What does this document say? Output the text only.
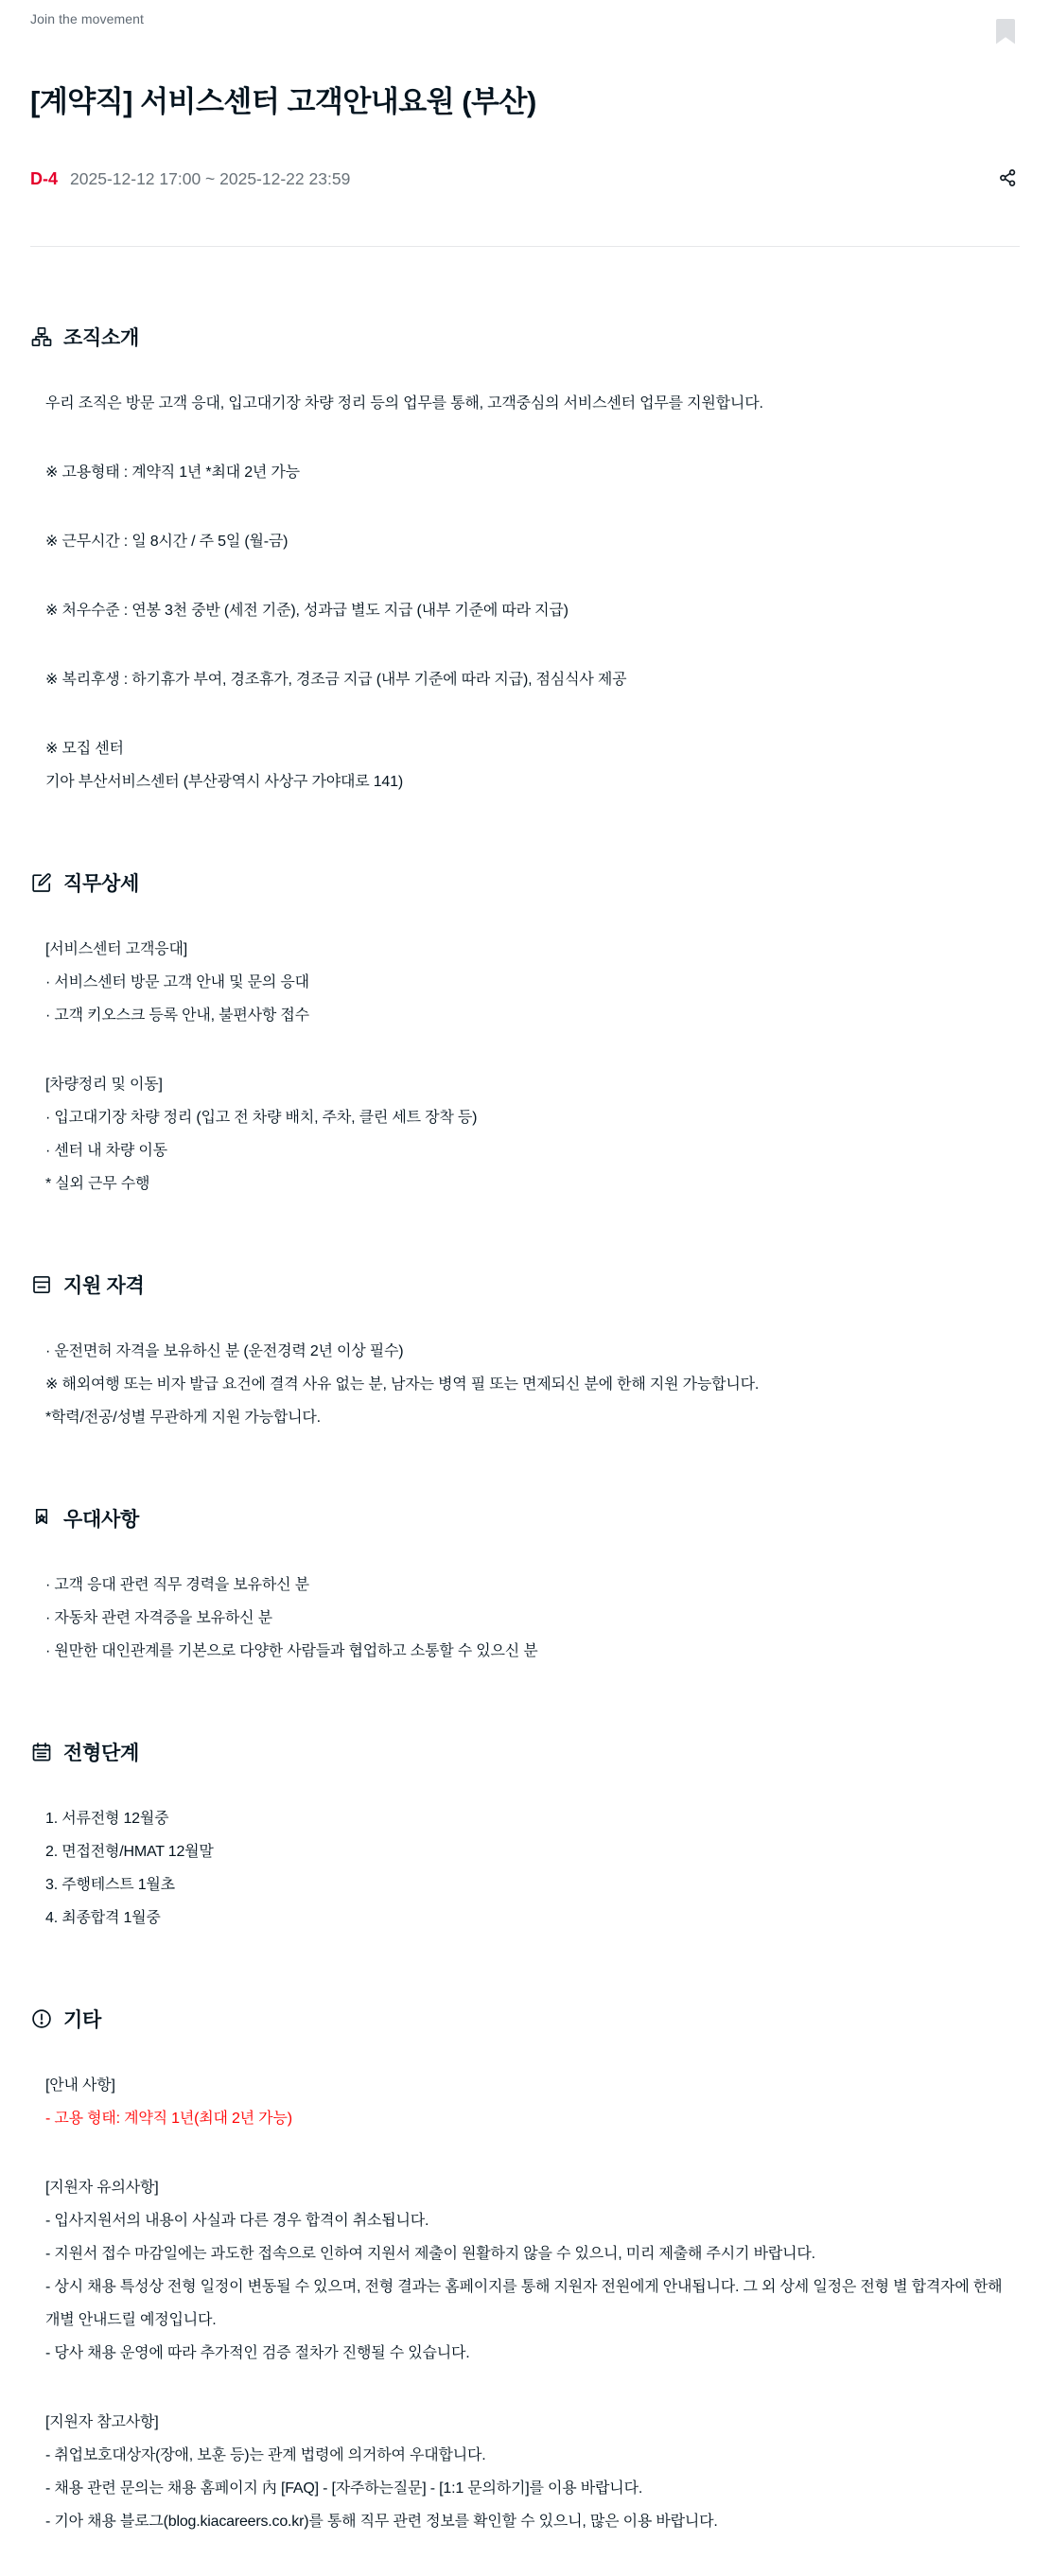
Join the movement
[계약직] 서비스센터 고객안내요원 (부산)
D-4 2025-12-12 17:00 ~ 2025-12-22 23:59
조직소개
우리 조직은 방문 고객 응대, 입고대기장 차량 정리 등의 업무를 통해, 고객중심의 서비스센터 업무를 지원합니다.
※ 고용형태 : 계약직 1년 *최대 2년 가능
※ 근무시간 : 일 8시간 / 주 5일 (월-금)
※ 처우수준 : 연봉 3천 중반 (세전 기준), 성과급 별도 지급 (내부 기준에 따라 지급)
※ 복리후생 : 하기휴가 부여, 경조휴가, 경조금 지급 (내부 기준에 따라 지급), 점심식사 제공
※ 모집 센터
기아 부산서비스센터 (부산광역시 사상구 가야대로 141)
직무상세
[서비스센터 고객응대]
· 서비스센터 방문 고객 안내 및 문의 응대
· 고객 키오스크 등록 안내, 불편사항 접수
[차량정리 및 이동]
· 입고대기장 차량 정리 (입고 전 차량 배치, 주차, 클린 세트 장착 등)
· 센터 내 차량 이동
* 실외 근무 수행
지원 자격
· 운전면허 자격을 보유하신 분 (운전경력 2년 이상 필수)
※ 해외여행 또는 비자 발급 요건에 결격 사유 없는 분, 남자는 병역 필 또는 면제되신 분에 한해 지원 가능합니다.
*학력/전공/성별 무관하게 지원 가능합니다.
우대사항
· 고객 응대 관련 직무 경력을 보유하신 분
· 자동차 관련 자격증을 보유하신 분
· 원만한 대인관계를 기본으로 다양한 사람들과 협업하고 소통할 수 있으신 분
전형단계
1. 서류전형 12월중
2. 면접전형/HMAT 12월말
3. 주행테스트 1월초
4. 최종합격 1월중
기타
[안내 사항]
- 고용 형태: 계약직 1년(최대 2년 가능)
[지원자 유의사항]
- 입사지원서의 내용이 사실과 다른 경우 합격이 취소됩니다.
- 지원서 접수 마감일에는 과도한 접속으로 인하여 지원서 제출이 원활하지 않을 수 있으니, 미리 제출해 주시기 바랍니다.
- 상시 채용 특성상 전형 일정이 변동될 수 있으며, 전형 결과는 홈페이지를 통해 지원자 전원에게 안내됩니다. 그 외 상세 일정은 전형 별 합격자에 한해 개별 안내드릴 예정입니다.
- 당사 채용 운영에 따라 추가적인 검증 절차가 진행될 수 있습니다.
[지원자 참고사항]
- 취업보호대상자(장애, 보훈 등)는 관계 법령에 의거하여 우대합니다.
- 채용 관련 문의는 채용 홈페이지 內 [FAQ] - [자주하는질문] - [1:1 문의하기]를 이용 바랍니다.
- 기아 채용 블로그(blog.kiacareers.co.kr)를 통해 직무 관련 정보를 확인할 수 있으니, 많은 이용 바랍니다.
